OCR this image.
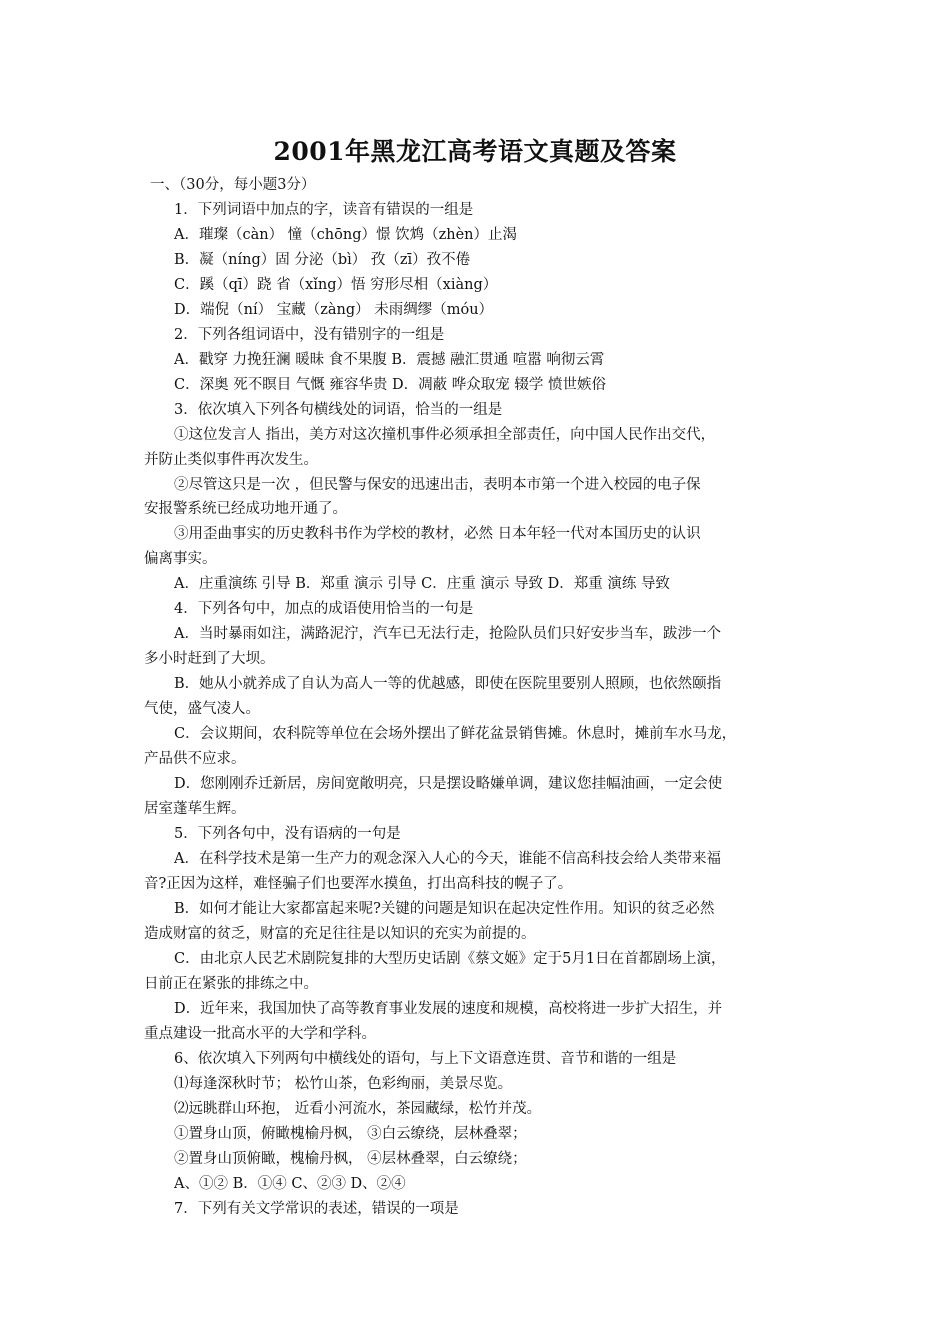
2001年黑龙江高考语文真题及答案
一、（30分，每小题3分）
1．下列词语中加点的字，读音有错误的一组是
A．璀璨（càn） 憧（chōng）憬 饮鸩（zhèn）止渴
B．凝（níng）固 分泌（bì） 孜（zī）孜不倦
C．蹊（qī）跷 省（xǐng）悟 穷形尽相（xiàng）
D．端倪（ní） 宝藏（zàng） 未雨绸缪（móu）
2．下列各组词语中，没有错别字的一组是
A．戳穿 力挽狂澜 暖昧 食不果腹 B．震撼 融汇贯通 喧嚣 响彻云霄
C．深奥 死不瞑目 气慨 雍容华贵 D．凋蔽 哗众取宠 辍学 愤世嫉俗
3．依次填入下列各句横线处的词语，恰当的一组是
①这位发言人 指出，美方对这次撞机事件必须承担全部责任，向中国人民作出交代，
并防止类似事件再次发生。
②尽管这只是一次 ，但民警与保安的迅速出击，表明本市第一个进入校园的电子保
安报警系统已经成功地开通了。
③用歪曲事实的历史教科书作为学校的教材，必然 日本年轻一代对本国历史的认识
偏离事实。
A．庄重演练 引导 B．郑重 演示 引导 C．庄重 演示 导致 D．郑重 演练 导致
4．下列各句中，加点的成语使用恰当的一句是
A．当时暴雨如注，满路泥泞，汽车已无法行走，抢险队员们只好安步当车，跋涉一个
多小时赶到了大坝。
B．她从小就养成了自认为高人一等的优越感，即使在医院里要别人照顾，也依然颐指
气使，盛气凌人。
C．会议期间，农科院等单位在会场外摆出了鲜花盆景销售摊。休息时，摊前车水马龙，
产品供不应求。
D．您刚刚乔迁新居，房间宽敞明亮，只是摆设略嫌单调，建议您挂幅油画，一定会使
居室蓬荜生辉。
5．下列各句中，没有语病的一句是
A．在科学技术是第一生产力的观念深入人心的今天，谁能不信高科技会给人类带来福
音?正因为这样，难怪骗子们也要浑水摸鱼，打出高科技的幌子了。
B．如何才能让大家都富起来呢?关键的问题是知识在起决定性作用。知识的贫乏必然
造成财富的贫乏，财富的充足往往是以知识的充实为前提的。
C．由北京人民艺术剧院复排的大型历史话剧《蔡文姬》定于5月1日在首都剧场上演，
日前正在紧张的排练之中。
D．近年来，我国加快了高等教育事业发展的速度和规模，高校将进一步扩大招生，并
重点建设一批高水平的大学和学科。
6、依次填入下列两句中横线处的语句，与上下文语意连贯、音节和谐的一组是
⑴每逢深秋时节； 松竹山茶，色彩绚丽，美景尽览。
⑵远眺群山环抱， 近看小河流水，茶园藏绿，松竹并茂。
①置身山顶，俯瞰槐榆丹枫， ③白云缭绕，层林叠翠；
②置身山顶俯瞰，槐榆丹枫， ④层林叠翠，白云缭绕；
A、①② B．①④ C、②③ D、②④
7．下列有关文学常识的表述，错误的一项是
